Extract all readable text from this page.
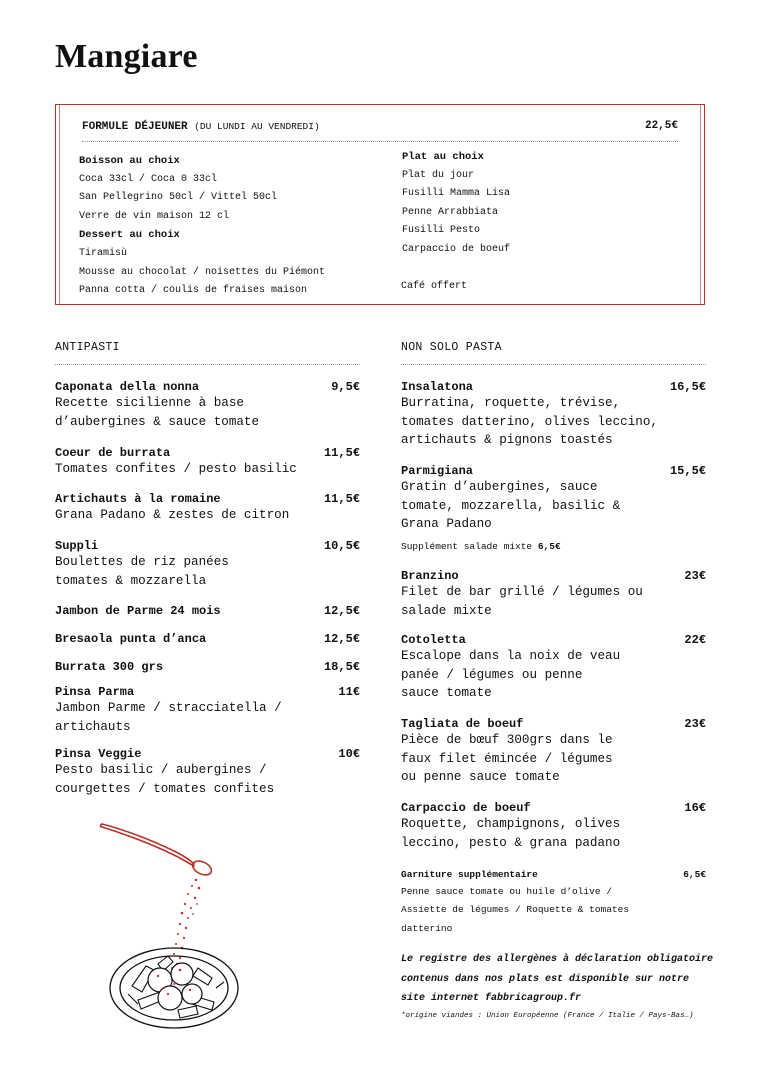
Mangiare
FORMULE DÉJEUNER (DU LUNDI AU VENDREDI)	22,5€
Boisson au choix
Coca 33cl / Coca 0 33cl
San Pellegrino 50cl / Vittel 50cl
Verre de vin maison 12 cl
Dessert au choix
Tiramisù
Mousse au chocolat / noisettes du Piémont
Panna cotta / coulis de fraises maison
Plat au choix
Plat du jour
Fusilli Mamma Lisa
Penne Arrabbiata
Fusilli Pesto
Carpaccio de boeuf
Café offert
ANTIPASTI
Caponata della nonna	9,5€
Recette sicilienne à base
d’aubergines & sauce tomate
Coeur de burrata	11,5€
Tomates confites / pesto basilic
Artichauts à la romaine	11,5€
Grana Padano & zestes de citron
Suppli	10,5€
Boulettes de riz panées
tomates & mozzarella
Jambon de Parme 24 mois	12,5€
Bresaola punta d’anca	12,5€
Burrata 300 grs	18,5€
Pinsa Parma	11€
Jambon Parme / stracciatella /
artichauts
Pinsa Veggie	10€
Pesto basilic / aubergines /
courgettes / tomates confites
NON SOLO PASTA
Insalatona	16,5€
Burratina, roquette, trévise,
tomates datterino, olives leccino,
artichauts & pignons toastés
Parmigiana	15,5€
Gratin d’aubergines, sauce
tomate, mozzarella, basilic &
Grana Padano
Branzino	23€
Filet de bar grillé / légumes ou
salade mixte
Cotoletta	22€
Escalope dans la noix de veau
panée / légumes ou penne
sauce tomate
Tagliata de boeuf	23€
Pièce de bœuf 300grs dans le
faux filet émincée / légumes
ou penne sauce tomate
Carpaccio de boeuf	16€
Roquette, champignons, olives
leccino, pesto & grana padano
Supplément salade mixte 6,5€
Garniture supplémentaire	6,5€
Penne sauce tomate ou huile d’olive /
Assiette de légumes / Roquette & tomates
datterino
Le registre des allergènes à déclaration obligatoire
contenus dans nos plats est disponible sur notre
site internet fabbricagroup.fr
*origine viandes : Union Européenne (France / Italie / Pays-Bas…)
